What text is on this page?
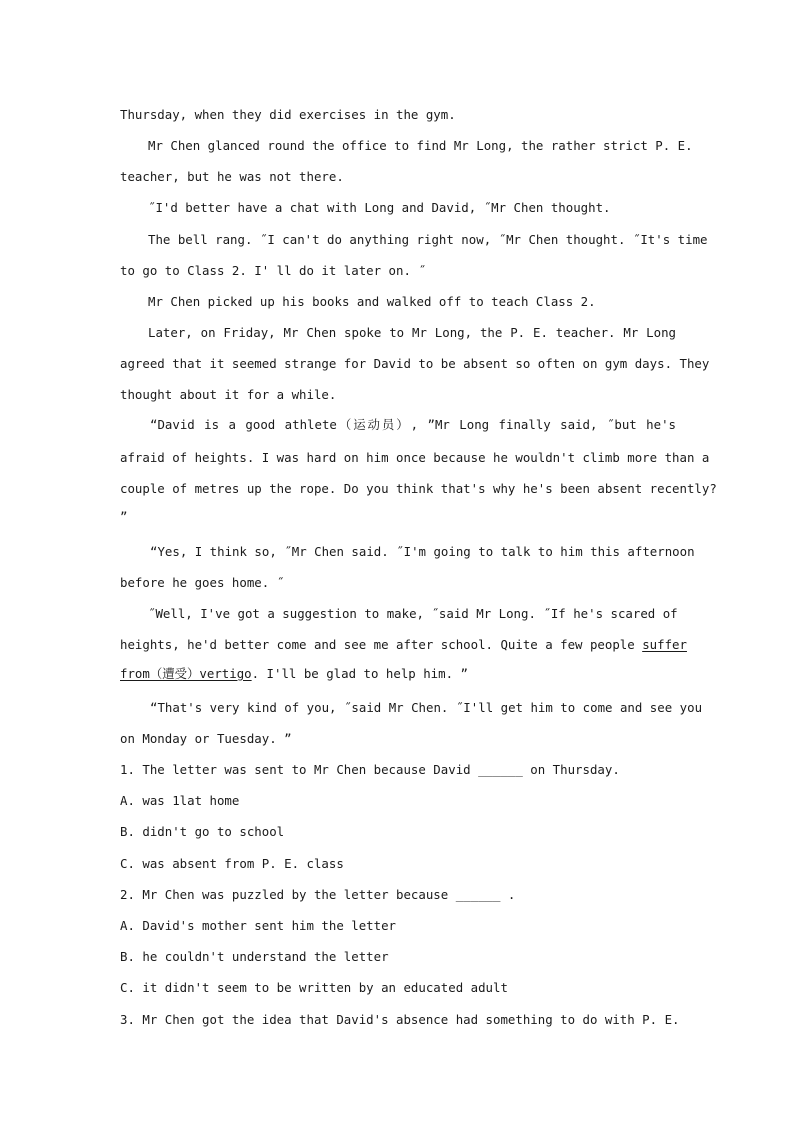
Thursday, when they did exercises in the gym.
Mr Chen glanced round the office to find Mr Long, the rather strict P. E.
teacher, but he was not there.
˝I'd better have a chat with Long and David, ˝Mr Chen thought.
The bell rang. ˝I can't do anything right now, ˝Mr Chen thought. ˝It's time
to go to Class 2. I' ll do it later on. ˝
Mr Chen picked up his books and walked off to teach Class 2.
Later, on Friday, Mr Chen spoke to Mr Long, the P. E. teacher. Mr Long
agreed that it seemed strange for David to be absent so often on gym days. They
thought about it for a while.
“David is a good athlete（运动员）, ”Mr Long finally said, ˝but he's
afraid of heights. I was hard on him once because he wouldn't climb more than a
couple of metres up the rope. Do you think that's why he's been absent recently?
”
“Yes, I think so, ˝Mr Chen said. ˝I'm going to talk to him this afternoon
before he goes home. ˝
˝Well, I've got a suggestion to make, ˝said Mr Long. ˝If he's scared of
heights, he'd better come and see me after school. Quite a few people suffer
from（遭受）vertigo. I'll be glad to help him. ”
“That's very kind of you, ˝said Mr Chen. ˝I'll get him to come and see you
on Monday or Tuesday. ”
1. The letter was sent to Mr Chen because David ______ on Thursday.
A. was 1lat home
B. didn't go to school
C. was absent from P. E. class
2. Mr Chen was puzzled by the letter because ______ .
A. David's mother sent him the letter
B. he couldn't understand the letter
C. it didn't seem to be written by an educated adult
3. Mr Chen got the idea that David's absence had something to do with P. E.
